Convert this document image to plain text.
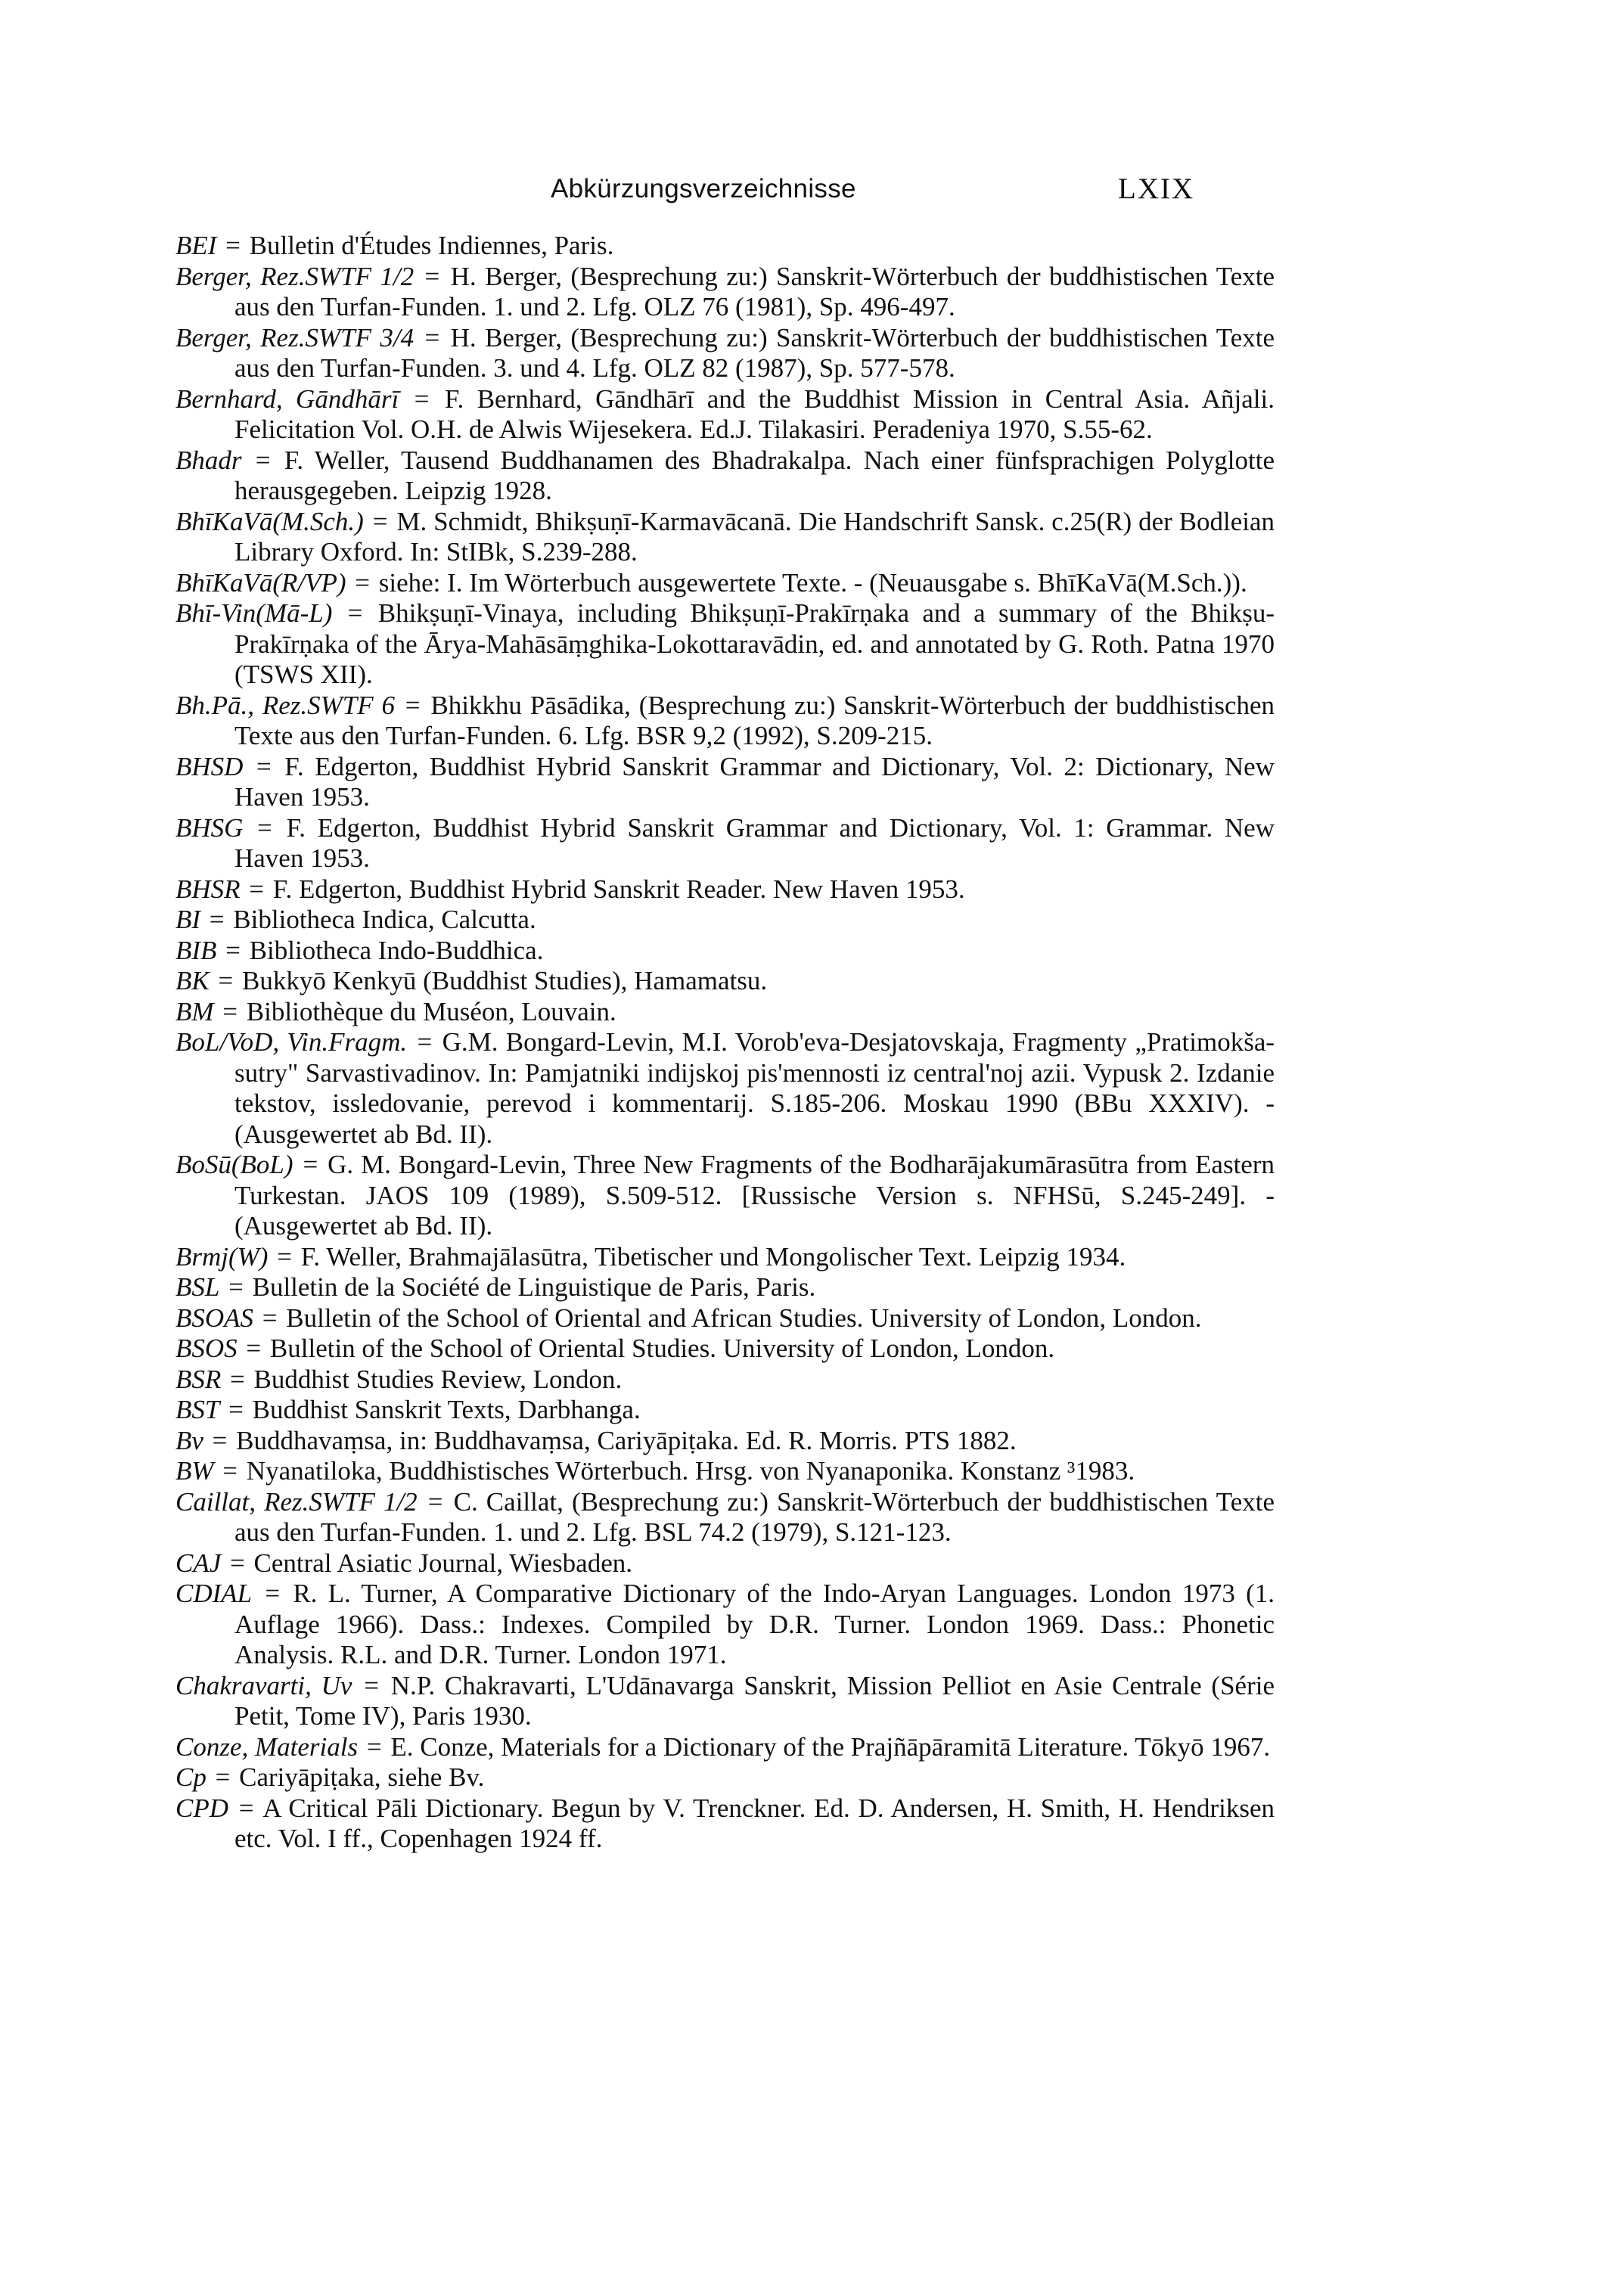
Abkürzungsverzeichnisse	LXIX

BEI = Bulletin d'Études Indiennes, Paris.

Berger, Rez.SWTF 1/2 = H. Berger, (Besprechung zu:) Sanskrit-Wörterbuch der buddhistischen Texte aus den Turfan-Funden. 1. und 2. Lfg. OLZ 76 (1981), Sp. 496-497.

Berger, Rez.SWTF 3/4 = H. Berger, (Besprechung zu:) Sanskrit-Wörterbuch der buddhistischen Texte aus den Turfan-Funden. 3. und 4. Lfg. OLZ 82 (1987), Sp. 577-578.

Bernhard, Gāndhārī = F. Bernhard, Gāndhārī and the Buddhist Mission in Central Asia. Añjali. Felicitation Vol. O.H. de Alwis Wijesekera. Ed.J. Tilakasiri. Peradeniya 1970, S.55-62.

Bhadr = F. Weller, Tausend Buddhanamen des Bhadrakalpa. Nach einer fünfsprachigen Polyglotte herausgegeben. Leipzig 1928.

BhīKaVā(M.Sch.) = M. Schmidt, Bhikṣuṇī-Karmavācanā. Die Handschrift Sansk. c.25(R) der Bodleian Library Oxford. In: StIBk, S.239-288.

BhīKaVā(R/VP) = siehe: I. Im Wörterbuch ausgewertete Texte. - (Neuausgabe s. BhīKaVā(M.Sch.)).

Bhī-Vin(Mā-L) = Bhikṣuṇī-Vinaya, including Bhikṣuṇī-Prakīrṇaka and a summary of the Bhikṣu-Prakīrṇaka of the Ārya-Mahāsāṃghika-Lokottaravādin, ed. and annotated by G. Roth. Patna 1970 (TSWS XII).

Bh.Pā., Rez.SWTF 6 = Bhikkhu Pāsādika, (Besprechung zu:) Sanskrit-Wörterbuch der buddhistischen Texte aus den Turfan-Funden. 6. Lfg. BSR 9,2 (1992), S.209-215.

BHSD = F. Edgerton, Buddhist Hybrid Sanskrit Grammar and Dictionary, Vol. 2: Dictionary, New Haven 1953.

BHSG = F. Edgerton, Buddhist Hybrid Sanskrit Grammar and Dictionary, Vol. 1: Grammar. New Haven 1953.

BHSR = F. Edgerton, Buddhist Hybrid Sanskrit Reader. New Haven 1953.

BI = Bibliotheca Indica, Calcutta.

BIB = Bibliotheca Indo-Buddhica.

BK = Bukkyō Kenkyū (Buddhist Studies), Hamamatsu.

BM = Bibliothèque du Muséon, Louvain.

BoL/VoD, Vin.Fragm. = G.M. Bongard-Levin, M.I. Vorob'eva-Desjatovskaja, Fragmenty „Pratimokša-sutry" Sarvastivadinov. In: Pamjatniki indijskoj pis'mennosti iz central'noj azii. Vypusk 2. Izdanie tekstov, issledovanie, perevod i kommentarij. S.185-206. Moskau 1990 (BBu XXXIV). - (Ausgewertet ab Bd. II).

BoSū(BoL) = G. M. Bongard-Levin, Three New Fragments of the Bodharājakumārasūtra from Eastern Turkestan. JAOS 109 (1989), S.509-512. [Russische Version s. NFHSū, S.245-249]. - (Ausgewertet ab Bd. II).

Brmj(W) = F. Weller, Brahmajālasūtra, Tibetischer und Mongolischer Text. Leipzig 1934.

BSL = Bulletin de la Société de Linguistique de Paris, Paris.

BSOAS = Bulletin of the School of Oriental and African Studies. University of London, London.

BSOS = Bulletin of the School of Oriental Studies. University of London, London.

BSR = Buddhist Studies Review, London.

BST = Buddhist Sanskrit Texts, Darbhanga.

Bv = Buddhavaṃsa, in: Buddhavaṃsa, Cariyāpiṭaka. Ed. R. Morris. PTS 1882.

BW = Nyanatiloka, Buddhistisches Wörterbuch. Hrsg. von Nyanaponika. Konstanz ³1983.

Caillat, Rez.SWTF 1/2 = C. Caillat, (Besprechung zu:) Sanskrit-Wörterbuch der buddhistischen Texte aus den Turfan-Funden. 1. und 2. Lfg. BSL 74.2 (1979), S.121-123.

CAJ = Central Asiatic Journal, Wiesbaden.

CDIAL = R. L. Turner, A Comparative Dictionary of the Indo-Aryan Languages. London 1973 (1. Auflage 1966). Dass.: Indexes. Compiled by D.R. Turner. London 1969. Dass.: Phonetic Analysis. R.L. and D.R. Turner. London 1971.

Chakravarti, Uv = N.P. Chakravarti, L'Udānavarga Sanskrit, Mission Pelliot en Asie Centrale (Série Petit, Tome IV), Paris 1930.

Conze, Materials = E. Conze, Materials for a Dictionary of the Prajñāpāramitā Literature. Tōkyō 1967.

Cp = Cariyāpiṭaka, siehe Bv.

CPD = A Critical Pāli Dictionary. Begun by V. Trenckner. Ed. D. Andersen, H. Smith, H. Hendriksen etc. Vol. I ff., Copenhagen 1924 ff.
